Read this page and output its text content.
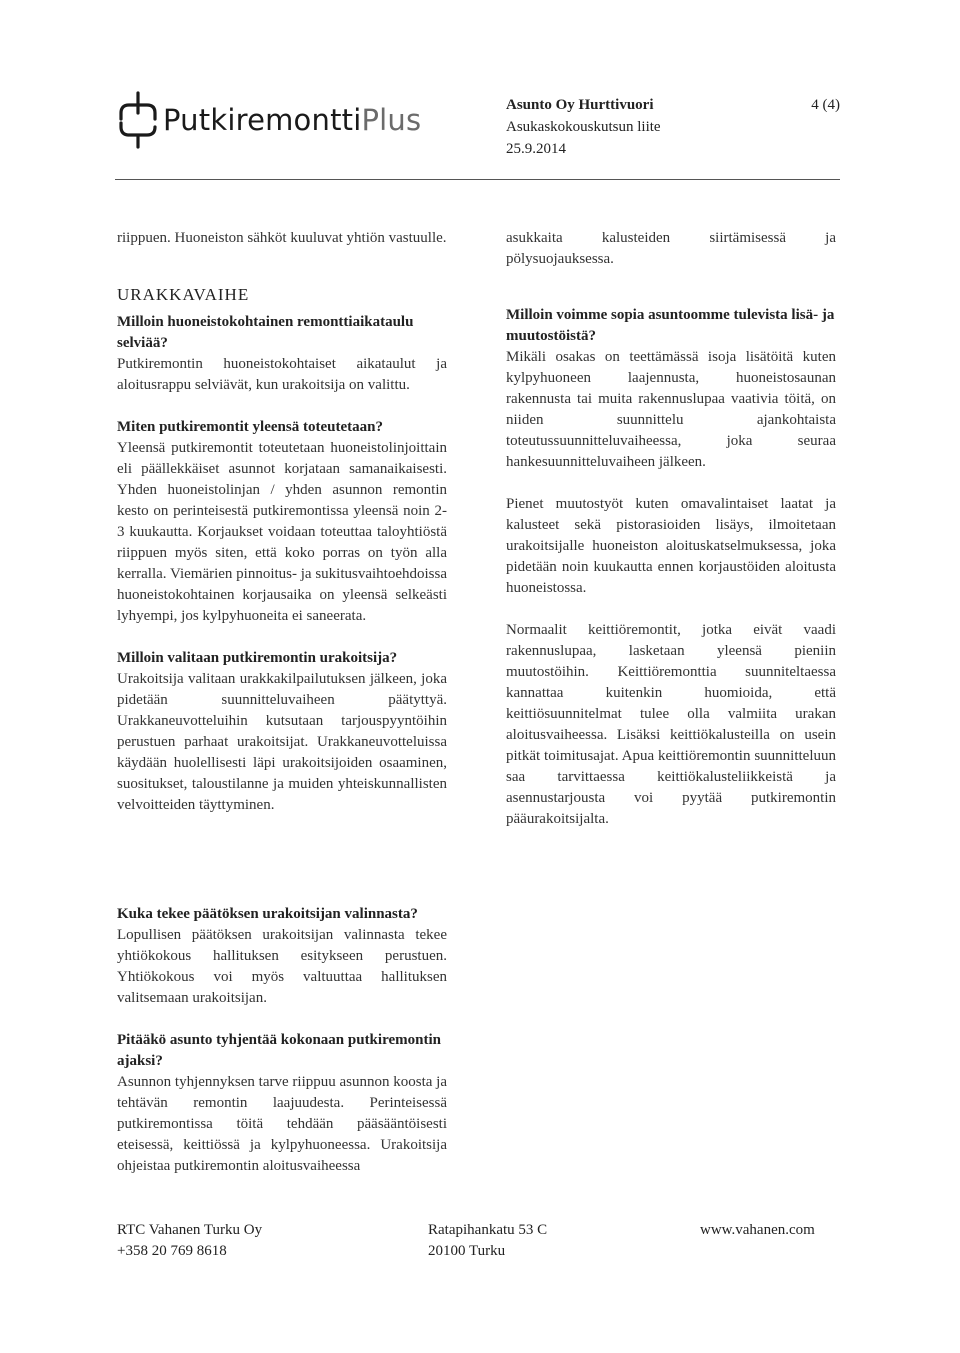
PutkiremonttiPlus	Asunto Oy Hurttivuori
Asukaskokouskutsun liite
25.9.2014
4 (4)

riippuen. Huoneiston sähköt kuuluvat yhtiön vastuulle.

URAKKAVAIHE
Milloin huoneistokohtainen remonttiaikataulu selviää?

Putkiremontin huoneistokohtaiset aikataulut ja aloitusrappu selviävät, kun urakoitsija on valittu.

Miten putkiremontit yleensä toteutetaan?

Yleensä putkiremontit toteutetaan huoneistolinjoittain eli päällekkäiset asunnot korjataan samanaikaisesti. Yhden huoneistolinjan / yhden asunnon remontin kesto on perinteisestä putkiremontissa yleensä noin 2-3 kuukautta. Korjaukset voidaan toteuttaa taloyhtiöstä riippuen myös siten, että koko porras on työn alla kerralla. Viemärien pinnoitus- ja sukitusvaihtoehdoissa huoneistokohtainen korjausaika on yleensä selkeästi lyhyempi, jos kylpyhuoneita ei saneerata.

Milloin valitaan putkiremontin urakoitsija?

Urakoitsija valitaan urakkakilpailutuksen jälkeen, joka pidetään suunnitteluvaiheen päätyttyä. Urakkaneuvotteluihin kutsutaan tarjouspyyntöihin perustuen parhaat urakoitsijat. Urakkaneuvotteluissa käydään huolellisesti läpi urakoitsijoiden osaaminen, suositukset, taloustilanne ja muiden yhteiskunnallisten velvoitteiden täyttyminen.

asukkaita kalusteiden siirtämisessä ja pölysuojauksessa.

Milloin voimme sopia asuntoomme tulevista lisä- ja muutostöistä?

Mikäli osakas on teettämässä isoja lisätöitä kuten kylpyhuoneen laajennusta, huoneistosaunan rakennusta tai muita rakennuslupaa vaativia töitä, on niiden suunnittelu ajankohtaista toteutussuunnitteluvaiheessa, joka seuraa hankesuunnitteluvaiheen jälkeen.

Pienet muutostyöt kuten omavalintaiset laatat ja kalusteet sekä pistorasioiden lisäys, ilmoitetaan urakoitsijalle huoneiston aloituskatselmuksessa, joka pidetään noin kuukautta ennen korjaustöiden aloitusta huoneistossa.

Normaalit keittiöremontit, jotka eivät vaadi rakennuslupaa, lasketaan yleensä pieniin muutostöihin. Keittiöremonttia suunniteltaessa kannattaa kuitenkin huomioida, että keittiösuunnitelmat tulee olla valmiita urakan aloitusvaiheessa. Lisäksi keittiökalusteilla on usein pitkät toimitusajat. Apua keittiöremontin suunnitteluun saa tarvittaessa keittiökalusteliikkeistä ja asennustarjousta voi pyytää putkiremontin pääurakoitsijalta.

Kuka tekee päätöksen urakoitsijan valinnasta?

Lopullisen päätöksen urakoitsijan valinnasta tekee yhtiökokous hallituksen esitykseen perustuen. Yhtiökokous voi myös valtuuttaa hallituksen valitsemaan urakoitsijan.

Pitääkö asunto tyhjentää kokonaan putkiremontin ajaksi?

Asunnon tyhjennyksen tarve riippuu asunnon koosta ja tehtävän remontin laajuudesta. Perinteisessä putkiremontissa töitä tehdään pääsääntöisesti eteisessä, keittiössä ja kylpyhuoneessa. Urakoitsija ohjeistaa putkiremontin aloitusvaiheessa

RTC Vahanen Turku Oy
+358 20 769 8618
Ratapihankatu 53 C
20100 Turku
www.vahanen.com
